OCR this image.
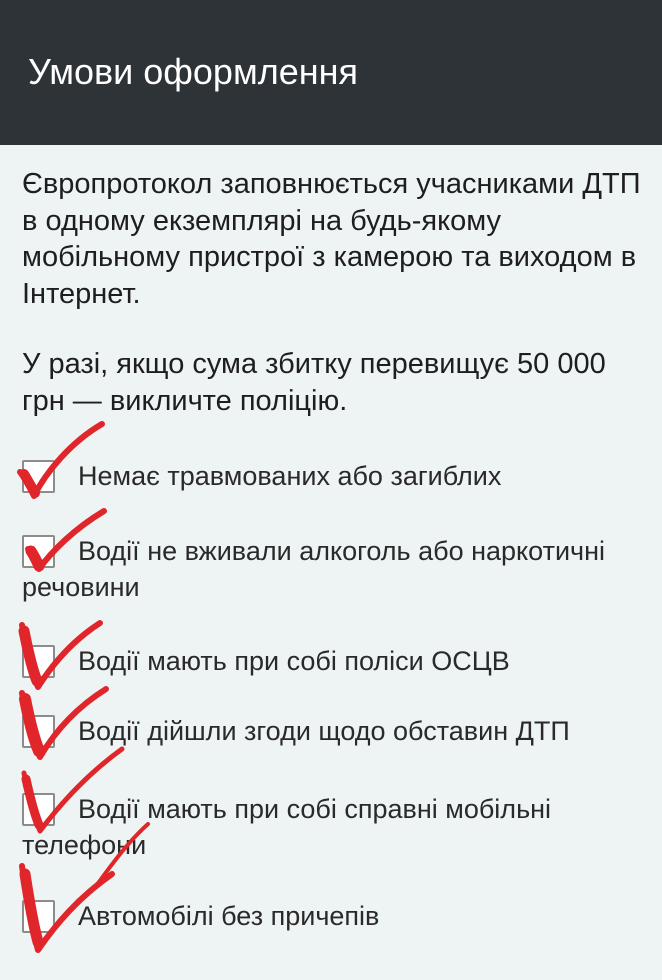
Умови оформлення

Європротокол заповнюється учасниками ДТП в одному екземплярі на будь-якому мобільному пристрої з камерою та виходом в Інтернет.

У разі, якщо сума збитку перевищує 50 000 грн — викличте поліцію.

Немає травмованих або загиблих

Водії не вживали алкоголь або наркотичні речовини

Водії мають при собі поліси ОСЦВ

Водії дійшли згоди щодо обставин ДТП

Водії мають при собі справні мобільні телефони

Автомобілі без причепів
